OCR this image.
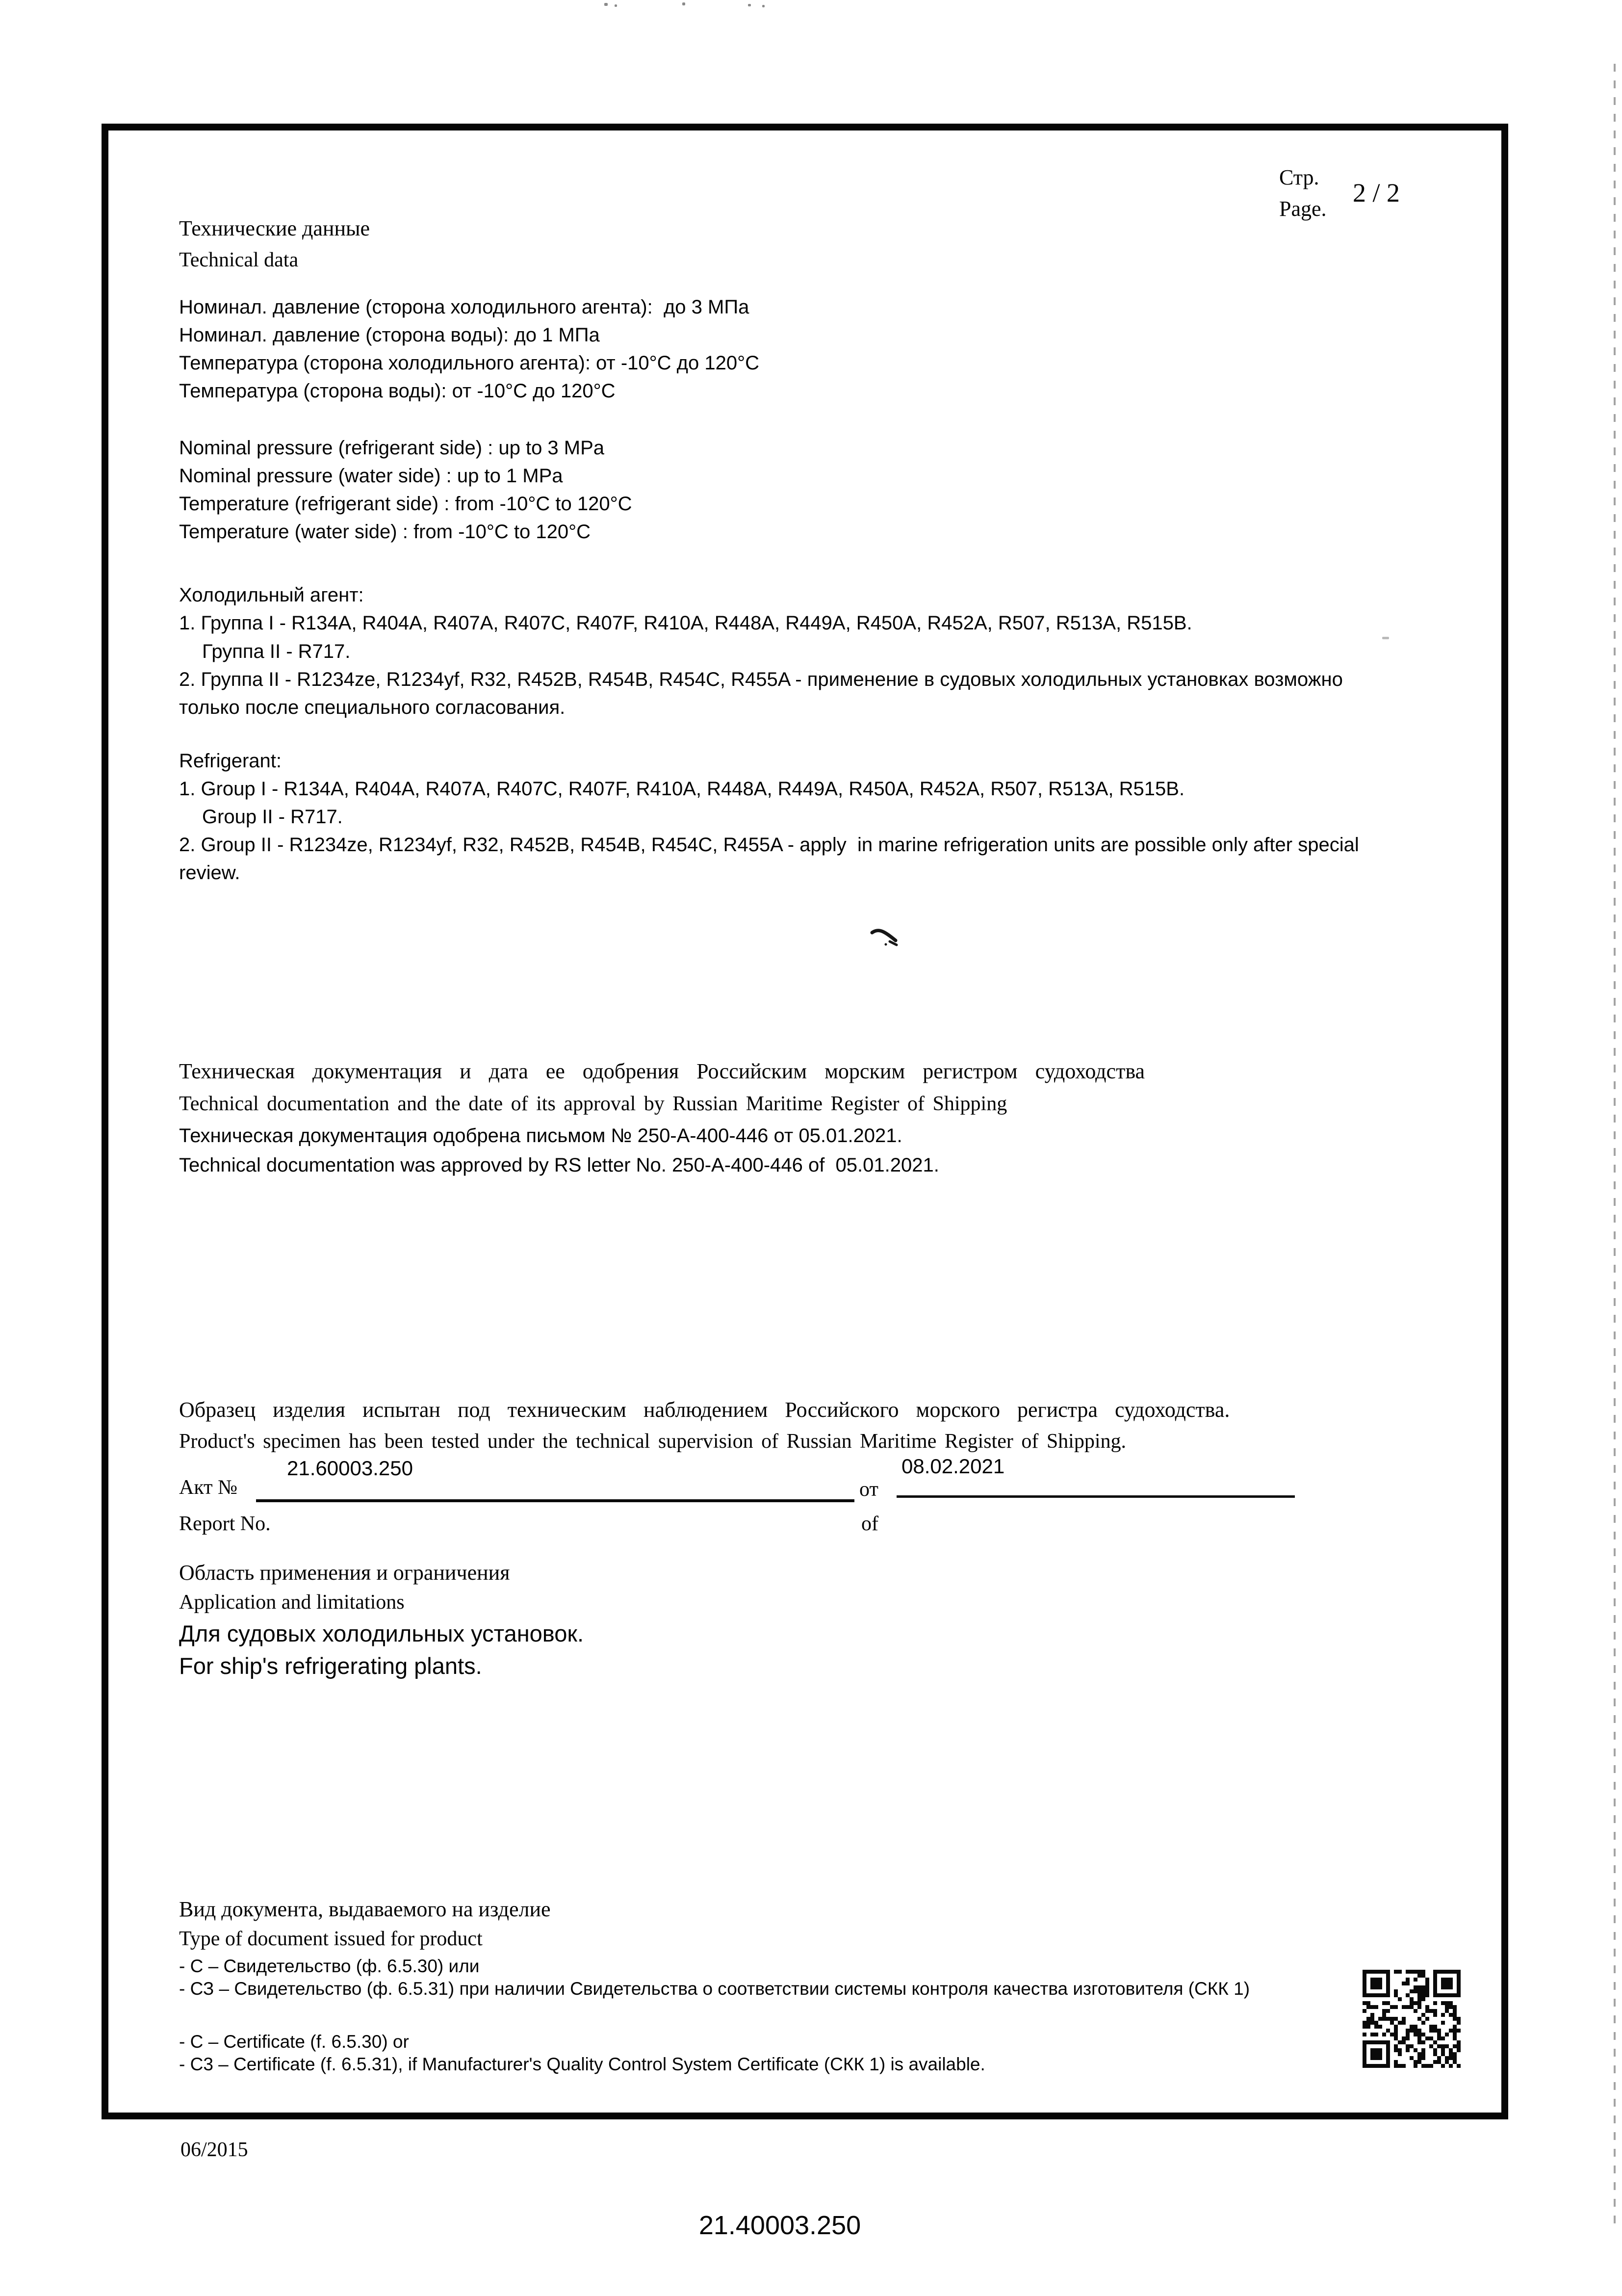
Стр.
Page.
2 / 2
Технические данные
Technical data
Номинал. давление (сторона холодильного агента):  до 3 МПа
Номинал. давление (сторона воды): до 1 МПа
Температура (сторона холодильного агента): от -10°С до 120°С
Температура (сторона воды): от -10°С до 120°С
Nominal pressure (refrigerant side) : up to 3 MPa
Nominal pressure (water side) : up to 1 MPa
Temperature (refrigerant side) : from -10°C to 120°C
Temperature (water side) : from -10°C to 120°C
Холодильный агент:
1. Группа I - R134A, R404A, R407A, R407C, R407F, R410A, R448A, R449A, R450A, R452A, R507, R513A, R515B.
Группа II - R717.
2. Группа II - R1234ze, R1234yf, R32, R452B, R454B, R454C, R455A - применение в судовых холодильных установках возможно
только после специального согласования.
Refrigerant:
1. Group I - R134A, R404A, R407A, R407C, R407F, R410A, R448A, R449A, R450A, R452A, R507, R513A, R515B.
Group II - R717.
2. Group II - R1234ze, R1234yf, R32, R452B, R454B, R454C, R455A - apply  in marine refrigeration units are possible only after special
review.
Техническая документация и дата ее одобрения Российским морским регистром судоходства
Technical documentation and the date of its approval by Russian Maritime Register of Shipping
Техническая документация одобрена письмом № 250-А-400-446 от 05.01.2021.
Technical documentation was approved by RS letter No. 250-A-400-446 of  05.01.2021.
Образец изделия испытан под техническим наблюдением Российского морского регистра судоходства.
Product's specimen has been tested under the technical supervision of Russian Maritime Register of Shipping.
Акт №
21.60003.250
от
08.02.2021
Report No.	of
Область применения и ограничения
Application and limitations
Для судовых холодильных установок.
For ship's refrigerating plants.
Вид документа, выдаваемого на изделие
Type of document issued for product
- С – Свидетельство (ф. 6.5.30) или
- СЗ – Свидетельство (ф. 6.5.31) при наличии Свидетельства о соответствии системы контроля качества изготовителя (СКК 1)
- C – Certificate (f. 6.5.30) or
- C3 – Certificate (f. 6.5.31), if Manufacturer's Quality Control System Certificate (СКК 1) is available.
06/2015
21.40003.250
